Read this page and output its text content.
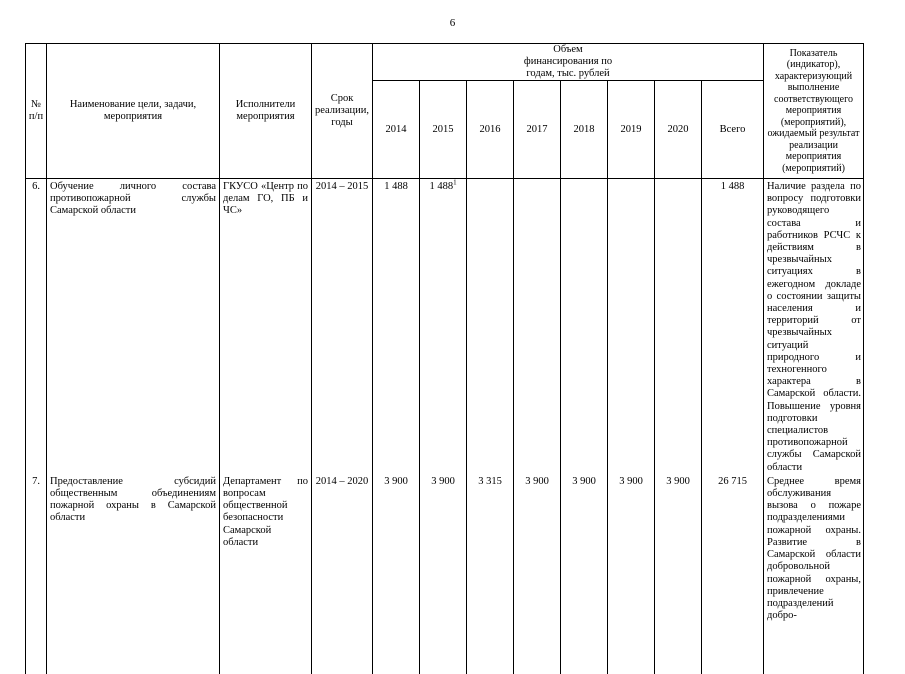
6
№ п/п	Наименование цели, задачи, мероприятия	Исполнители мероприятия	Срок реализации, годы	Объем финансирования по годам, тыс. рублей								Показатель (индикатор), характеризующий выполнение соответствующего мероприятия (мероприятий), ожидаемый результат реализации мероприятия (мероприятий)
				2014	2015	2016	2017	2018	2019	2020	Всего	
6.	Обучение личного состава противопожарной службы Самарской области	ГКУСО «Центр по делам ГО, ПБ и ЧС»	2014 – 2015	1 488	1 $488^1$						1 488	Наличие раздела по вопросу подготовки руководящего состава и работников РСЧС к действиям в чрезвычайных ситуациях в ежегодном докладе о состоянии защиты населения и территорий от чрезвычайных ситуаций природного и техногенного характера в Самарской области. Повышение уровня подготовки специалистов противопожарной службы Самарской области
7.	Предоставление субсидий общественным объединениям пожарной охраны в Самарской области	Департамент по вопросам общественной безопасности Самарской области	2014 – 2020	3 900	3 900	3 315	3 900	3 900	3 900	3 900	26 715	Среднее время обслуживания вызова о пожаре подразделениями пожарной охраны. Развитие в Самарской области добровольной пожарной охраны, привлечение подразделений добро-
